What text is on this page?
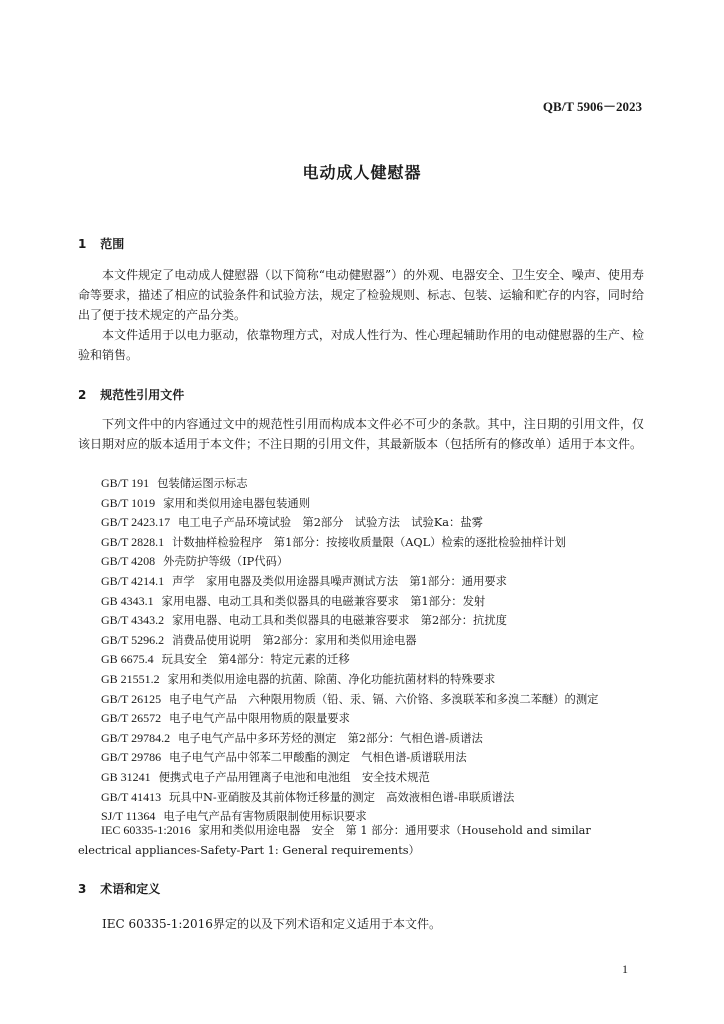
QB/T 5906－2023
电动成人健慰器
1 范围
本文件规定了电动成人健慰器（以下简称“电动健慰器”）的外观、电器安全、卫生安全、噪声、使用寿命等要求，描述了相应的试验条件和试验方法，规定了检验规则、标志、包装、运输和贮存的内容，同时给出了便于技术规定的产品分类。
本文件适用于以电力驱动，依靠物理方式，对成人性行为、性心理起辅助作用的电动健慰器的生产、检验和销售。
2 规范性引用文件
下列文件中的内容通过文中的规范性引用而构成本文件必不可少的条款。其中，注日期的引用文件，仅该日期对应的版本适用于本文件；不注日期的引用文件，其最新版本（包括所有的修改单）适用于本文件。
GB/T 191 包装储运图示标志
GB/T 1019 家用和类似用途电器包装通则
GB/T 2423.17 电工电子产品环境试验　第2部分　试验方法　试验Ka：盐雾
GB/T 2828.1 计数抽样检验程序　第1部分：按接收质量限（AQL）检索的逐批检验抽样计划
GB/T 4208 外壳防护等级（IP代码）
GB/T 4214.1 声学　家用电器及类似用途器具噪声测试方法　第1部分：通用要求
GB 4343.1 家用电器、电动工具和类似器具的电磁兼容要求　第1部分：发射
GB/T 4343.2 家用电器、电动工具和类似器具的电磁兼容要求　第2部分：抗扰度
GB/T 5296.2 消费品使用说明　第2部分：家用和类似用途电器
GB 6675.4 玩具安全　第4部分：特定元素的迁移
GB 21551.2 家用和类似用途电器的抗菌、除菌、净化功能抗菌材料的特殊要求
GB/T 26125 电子电气产品　六种限用物质（铅、汞、镉、六价铬、多溴联苯和多溴二苯醚）的测定
GB/T 26572 电子电气产品中限用物质的限量要求
GB/T 29784.2 电子电气产品中多环芳烃的测定　第2部分：气相色谱-质谱法
GB/T 29786 电子电气产品中邻苯二甲酸酯的测定　气相色谱-质谱联用法
GB 31241 便携式电子产品用锂离子电池和电池组　安全技术规范
GB/T 41413 玩具中N-亚硝胺及其前体物迁移量的测定　高效液相色谱-串联质谱法
SJ/T 11364 电子电气产品有害物质限制使用标识要求
IEC 60335-1:2016 家用和类似用途电器　安全　第 1 部分：通用要求（Household and similar electrical appliances-Safety-Part 1: General requirements）
3 术语和定义
IEC 60335-1:2016界定的以及下列术语和定义适用于本文件。
1
